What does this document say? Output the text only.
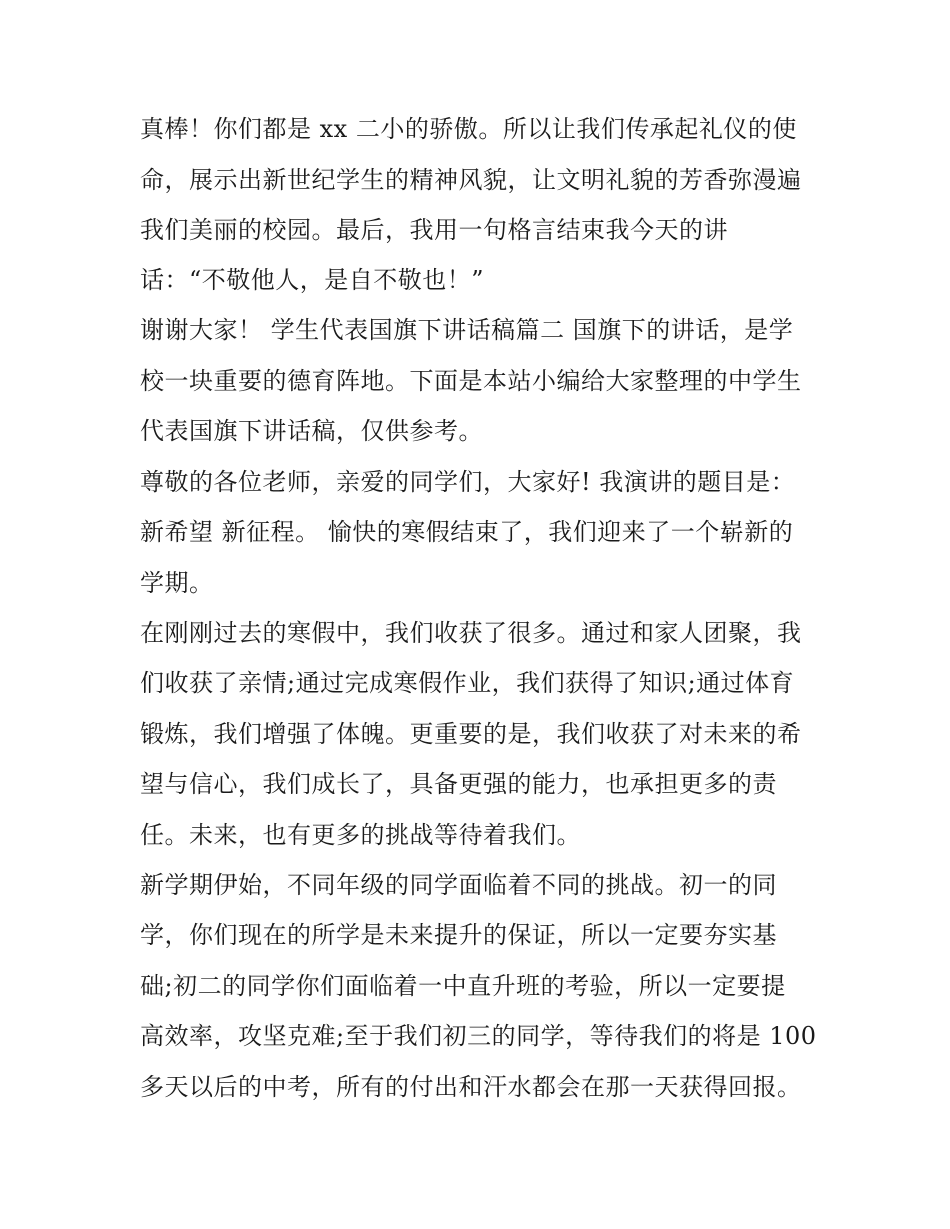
真棒！你们都是 xx 二小的骄傲。所以让我们传承起礼仪的使
命，展示出新世纪学生的精神风貌，让文明礼貌的芳香弥漫遍
我们美丽的校园。最后，我用一句格言结束我今天的讲
话：“不敬他人，是自不敬也！”
谢谢大家！ 学生代表国旗下讲话稿篇二 国旗下的讲话，是学
校一块重要的德育阵地。下面是本站小编给大家整理的中学生
代表国旗下讲话稿，仅供参考。
尊敬的各位老师，亲爱的同学们，大家好! 我演讲的题目是：
新希望 新征程。 愉快的寒假结束了，我们迎来了一个崭新的
学期。
在刚刚过去的寒假中，我们收获了很多。通过和家人团聚，我
们收获了亲情;通过完成寒假作业，我们获得了知识;通过体育
锻炼，我们增强了体魄。更重要的是，我们收获了对未来的希
望与信心，我们成长了，具备更强的能力，也承担更多的责
任。未来，也有更多的挑战等待着我们。
新学期伊始，不同年级的同学面临着不同的挑战。初一的同
学，你们现在的所学是未来提升的保证，所以一定要夯实基
础;初二的同学你们面临着一中直升班的考验，所以一定要提
高效率，攻坚克难;至于我们初三的同学，等待我们的将是 100
多天以后的中考，所有的付出和汗水都会在那一天获得回报。
